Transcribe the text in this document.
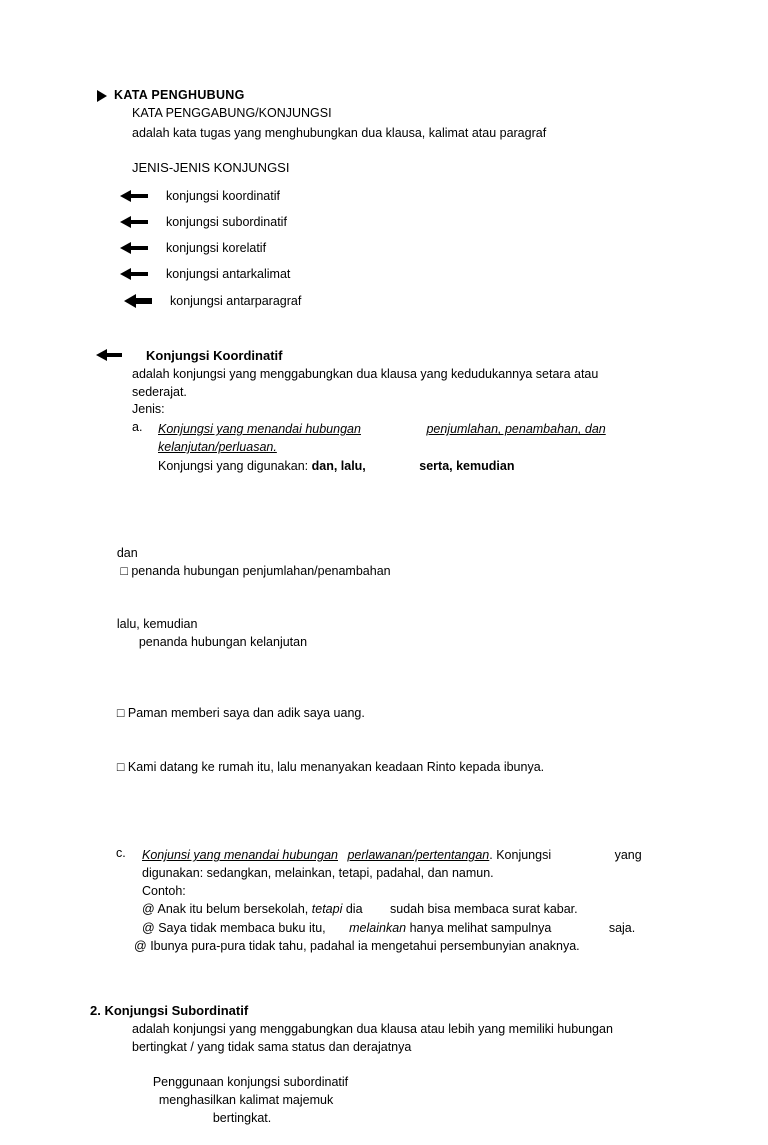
KATA PENGHUBUNG
KATA PENGGABUNG/KONJUNGSI
adalah kata tugas yang menghubungkan dua klausa, kalimat atau paragraf
JENIS-JENIS KONJUNGSI
konjungsi koordinatif
konjungsi subordinatif
konjungsi korelatif
konjungsi antarkalimat
konjungsi antarparagraf
Konjungsi Koordinatif
adalah konjungsi yang menggabungkan dua klausa yang kedudukannya setara atau
sederajat.
Jenis:
a.	Konjungsi yang menandai hubungan	penjumlahan, penambahan, dan
kelanjutan/perluasan.
Konjungsi yang digunakan: dan, lalu,	serta, kemudian

dan
□ penanda hubungan penjumlahan/penambahan

lalu, kemudian
penanda hubungan kelanjutan

□ Paman memberi saya dan adik saya uang.

□ Kami datang ke rumah itu, lalu menanyakan keadaan Rinto kepada ibunya.

c.	Konjunsi yang menandai hubungan perlawanan/pertentangan. Konjungsi	yang
digunakan: sedangkan, melainkan, tetapi, padahal, dan namun.
Contoh:
@ Anak itu belum bersekolah, tetapi dia sudah bisa membaca surat kabar.
@ Saya tidak membaca buku itu, melainkan hanya melihat sampulnya	saja.
@ Ibunya pura-pura tidak tahu, padahal ia mengetahui persembunyian anaknya.
2. Konjungsi Subordinatif
adalah konjungsi yang menggabungkan dua klausa atau lebih yang memiliki hubungan
bertingkat / yang tidak sama status dan derajatnya

Penggunaan konjungsi subordinatif
menghasilkan kalimat majemuk
bertingkat.
